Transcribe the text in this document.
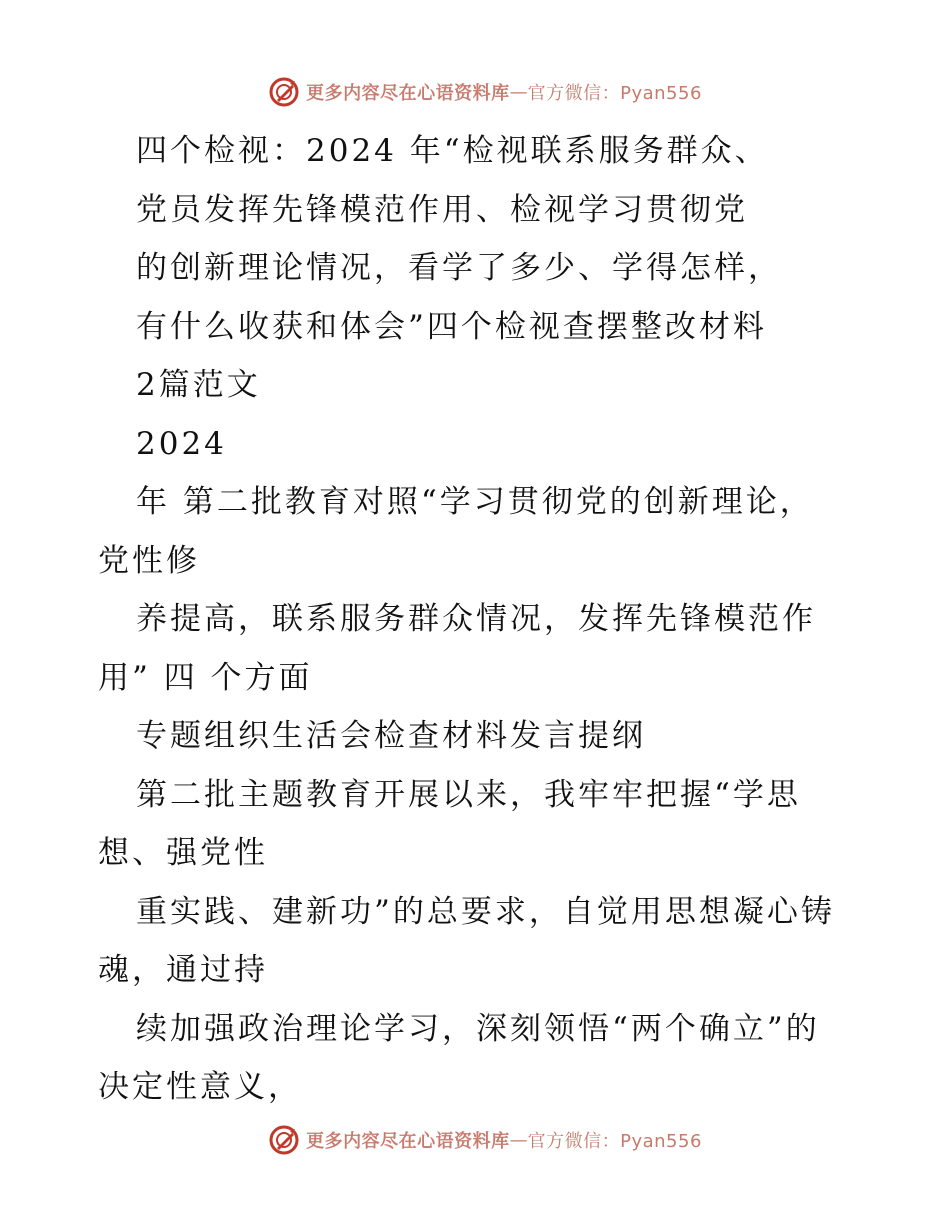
更多内容尽在心语资料库 — 官方微信：Pyan556
四个检视：2024 年“检视联系服务群众、
党员发挥先锋模范作用、检视学习贯彻党
的创新理论情况，看学了多少、学得怎样，
有什么收获和体会”四个检视查摆整改材料
2篇范文
2024
年 第二批教育对照“学习贯彻党的创新理论，
党性修
养提高，联系服务群众情况，发挥先锋模范作
用” 四 个方面
专题组织生活会检查材料发言提纲
第二批主题教育开展以来，我牢牢把握“学思
想、强党性
重实践、建新功”的总要求，自觉用思想凝心铸
魂，通过持
续加强政治理论学习，深刻领悟“两个确立”的
决定性意义，
更多内容尽在心语资料库 — 官方微信：Pyan556
